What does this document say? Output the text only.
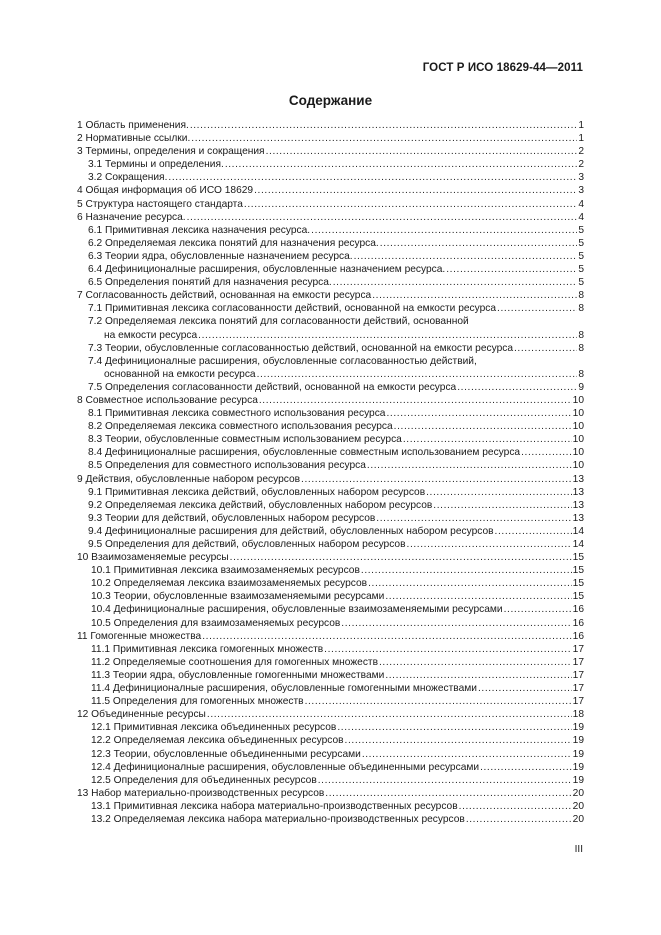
ГОСТ Р ИСО 18629-44—2011
Содержание
1 Область применения. .....	1
2 Нормативные ссылки. .....	1
3 Термины, определения и сокращения .....	2
3.1 Термины и определения. .....	2
3.2 Сокращения. .....	3
4 Общая информация об ИСО 18629 .....	3
5 Структура настоящего стандарта .....	4
6 Назначение ресурса. .....	4
6.1 Примитивная лексика назначения ресурса. .....	5
6.2 Определяемая лексика понятий для назначения ресурса. .....	5
6.3 Теории ядра, обусловленные назначением ресурса. .....	5
6.4 Дефиниционалные расширения, обусловленные назначением ресурса. .....	5
6.5 Определения понятий для назначения ресурса. .....	5
7 Согласованность действий, основанная на емкости ресурса .....	8
7.1 Примитивная лексика согласованности действий, основанной на емкости ресурса .....	8
7.2 Определяемая лексика понятий для согласованности действий, основанной
на емкости ресурса .....	8
7.3 Теории, обусловленные согласованностью действий, основанной на емкости ресурса .....	8
7.4 Дефиниционалные расширения, обусловленные согласованностью действий,
основанной на емкости ресурса .....	8
7.5 Определения согласованности действий, основанной на емкости ресурса .....	9
8 Совместное использование ресурса .....	10
8.1 Примитивная лексика совместного использования ресурса .....	10
8.2 Определяемая лексика совместного использования ресурса .....	10
8.3 Теории, обусловленные совместным использованием ресурса .....	10
8.4 Дефиниционалные расширения, обусловленные совместным использованием ресурса .....	10
8.5 Определения для совместного использования ресурса .....	10
9 Действия, обусловленные набором ресурсов .....	13
9.1 Примитивная лексика действий, обусловленных набором ресурсов .....	13
9.2 Определяемая лексика действий, обусловленных набором ресурсов .....	13
9.3 Теории для действий, обусловленных набором ресурсов .....	13
9.4 Дефиниционалные расширения для действий, обусловленных набором ресурсов .....	14
9.5 Определения для действий, обусловленных набором ресурсов .....	14
10 Взаимозаменяемые ресурсы .....	15
10.1 Примитивная лексика взаимозаменяемых ресурсов .....	15
10.2 Определяемая лексика взаимозаменяемых ресурсов .....	15
10.3 Теории, обусловленные взаимозаменяемыми ресурсами .....	15
10.4 Дефиниционалные расширения, обусловленные взаимозаменяемыми ресурсами .....	16
10.5 Определения для взаимозаменяемых ресурсов .....	16
11 Гомогенные множества .....	16
11.1 Примитивная лексика гомогенных множеств .....	17
11.2 Определяемые соотношения для гомогенных множеств .....	17
11.3 Теории ядра, обусловленные гомогенными множествами .....	17
11.4 Дефиниционалные расширения, обусловленные гомогенными множествами .....	17
11.5 Определения для гомогенных множеств .....	17
12 Объединенные ресурсы .....	18
12.1 Примитивная лексика объединенных ресурсов .....	19
12.2 Определяемая лексика объединенных ресурсов .....	19
12.3 Теории, обусловленные объединенными ресурсами .....	19
12.4 Дефиниционалные расширения, обусловленные объединенными ресурсами .....	19
12.5 Определения для объединенных ресурсов .....	19
13 Набор материально-производственных ресурсов .....	20
13.1 Примитивная лексика набора материально-производственных ресурсов .....	20
13.2 Определяемая лексика набора материально-производственных ресурсов .....	20
III
